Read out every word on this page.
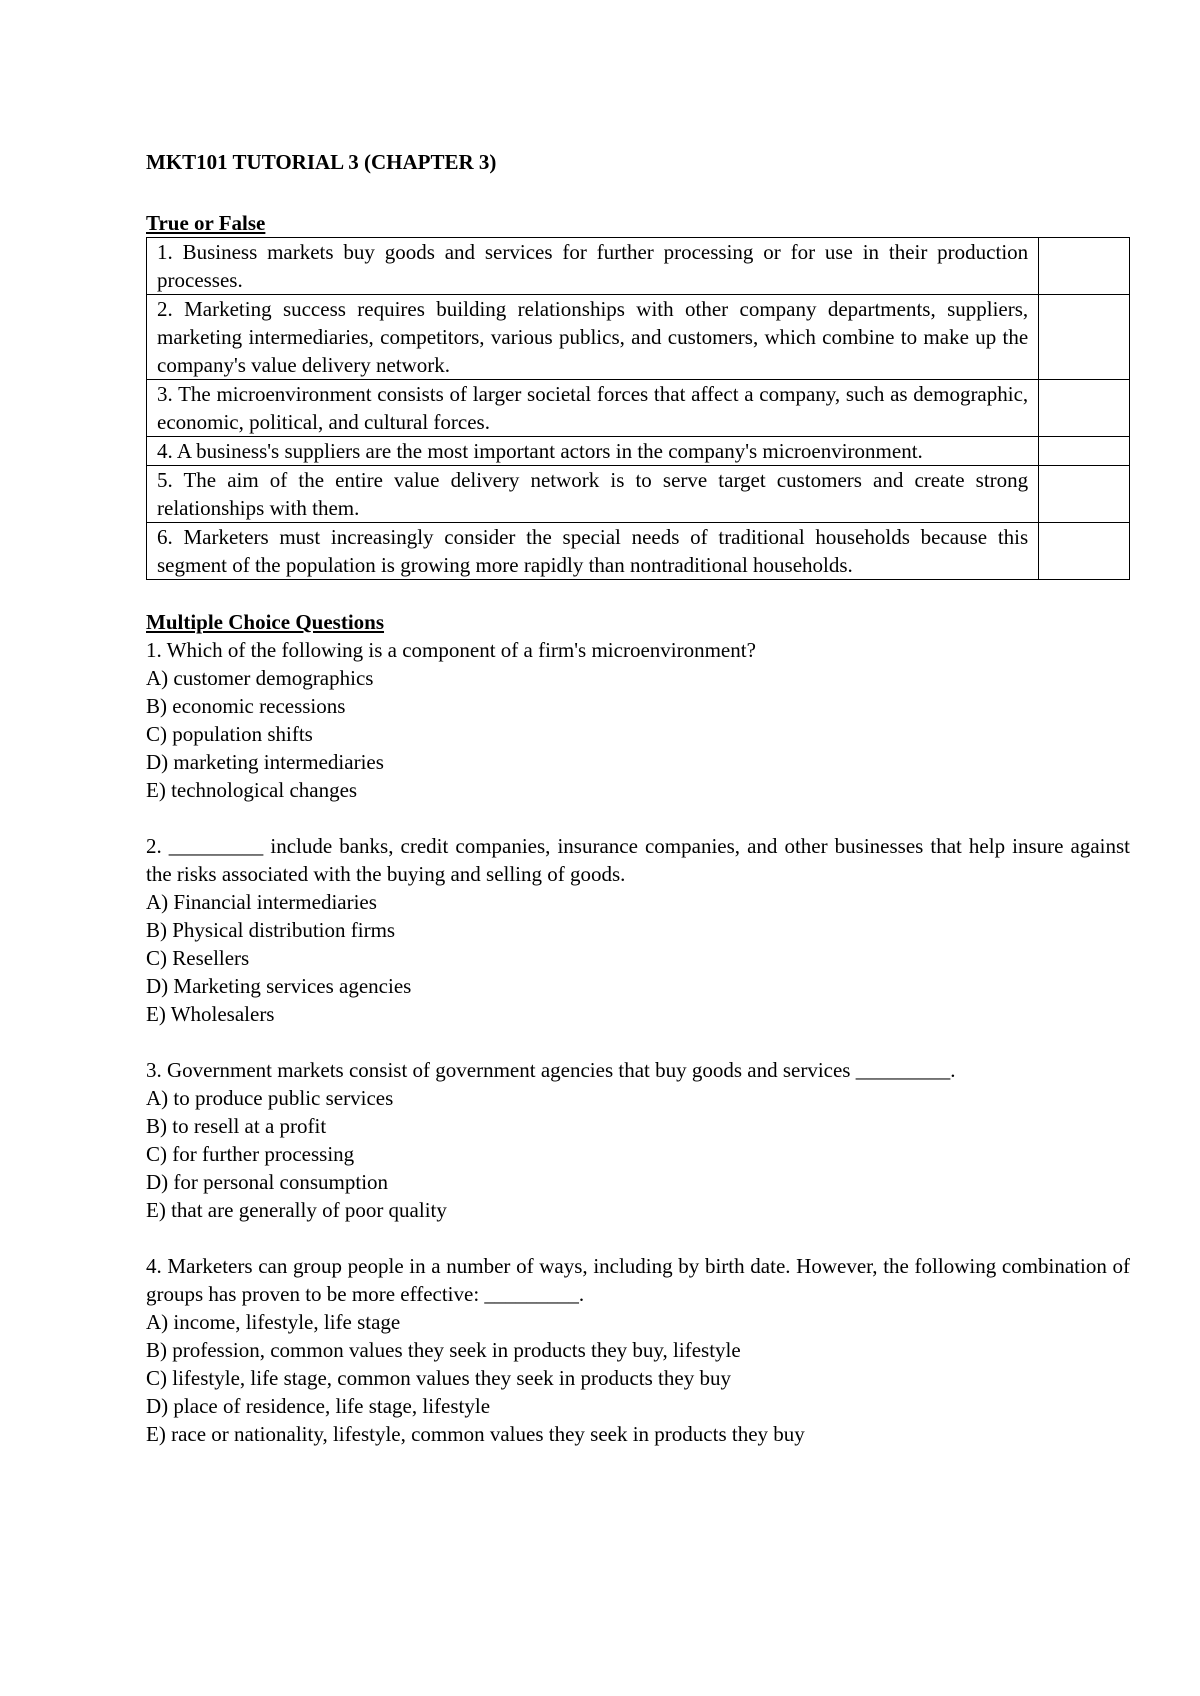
MKT101 TUTORIAL 3 (CHAPTER 3)
True or False
1. Business markets buy goods and services for further processing or for use in their production processes.	
2. Marketing success requires building relationships with other company departments, suppliers, marketing intermediaries, competitors, various publics, and customers, which combine to make up the company's value delivery network.	
3. The microenvironment consists of larger societal forces that affect a company, such as demographic, economic, political, and cultural forces.	
4. A business's suppliers are the most important actors in the company's microenvironment.	
5. The aim of the entire value delivery network is to serve target customers and create strong relationships with them.	
6. Marketers must increasingly consider the special needs of traditional households because this segment of the population is growing more rapidly than nontraditional households.	
Multiple Choice Questions
1. Which of the following is a component of a firm's microenvironment?
A) customer demographics
B) economic recessions
C) population shifts
D) marketing intermediaries
E) technological changes
2. _________ include banks, credit companies, insurance companies, and other businesses that help insure against the risks associated with the buying and selling of goods.
A) Financial intermediaries
B) Physical distribution firms
C) Resellers
D) Marketing services agencies
E) Wholesalers
3. Government markets consist of government agencies that buy goods and services _________.
A) to produce public services
B) to resell at a profit
C) for further processing
D) for personal consumption
E) that are generally of poor quality
4. Marketers can group people in a number of ways, including by birth date. However, the following combination of groups has proven to be more effective: _________.
A) income, lifestyle, life stage
B) profession, common values they seek in products they buy, lifestyle
C) lifestyle, life stage, common values they seek in products they buy
D) place of residence, life stage, lifestyle
E) race or nationality, lifestyle, common values they seek in products they buy
